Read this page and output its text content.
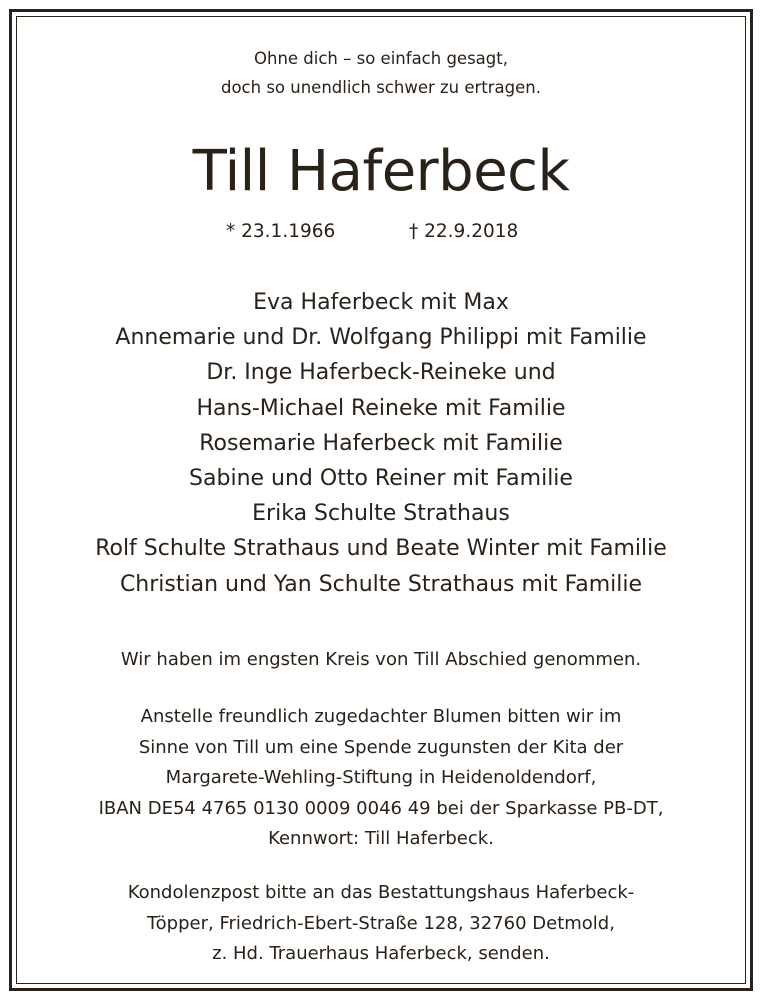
Ohne dich – so einfach gesagt,
doch so unendlich schwer zu ertragen.
Till Haferbeck
* 23.1.1966	† 22.9.2018
Eva Haferbeck mit Max
Annemarie und Dr. Wolfgang Philippi mit Familie
Dr. Inge Haferbeck-Reineke und
Hans-Michael Reineke mit Familie
Rosemarie Haferbeck mit Familie
Sabine und Otto Reiner mit Familie
Erika Schulte Strathaus
Rolf Schulte Strathaus und Beate Winter mit Familie
Christian und Yan Schulte Strathaus mit Familie
Wir haben im engsten Kreis von Till Abschied genommen.
Anstelle freundlich zugedachter Blumen bitten wir im
Sinne von Till um eine Spende zugunsten der Kita der
Margarete-Wehling-Stiftung in Heidenoldendorf,
IBAN DE54 4765 0130 0009 0046 49 bei der Sparkasse PB-DT,
Kennwort: Till Haferbeck.
Kondolenzpost bitte an das Bestattungshaus Haferbeck-
Töpper, Friedrich-Ebert-Straße 128, 32760 Detmold,
z. Hd. Trauerhaus Haferbeck, senden.
